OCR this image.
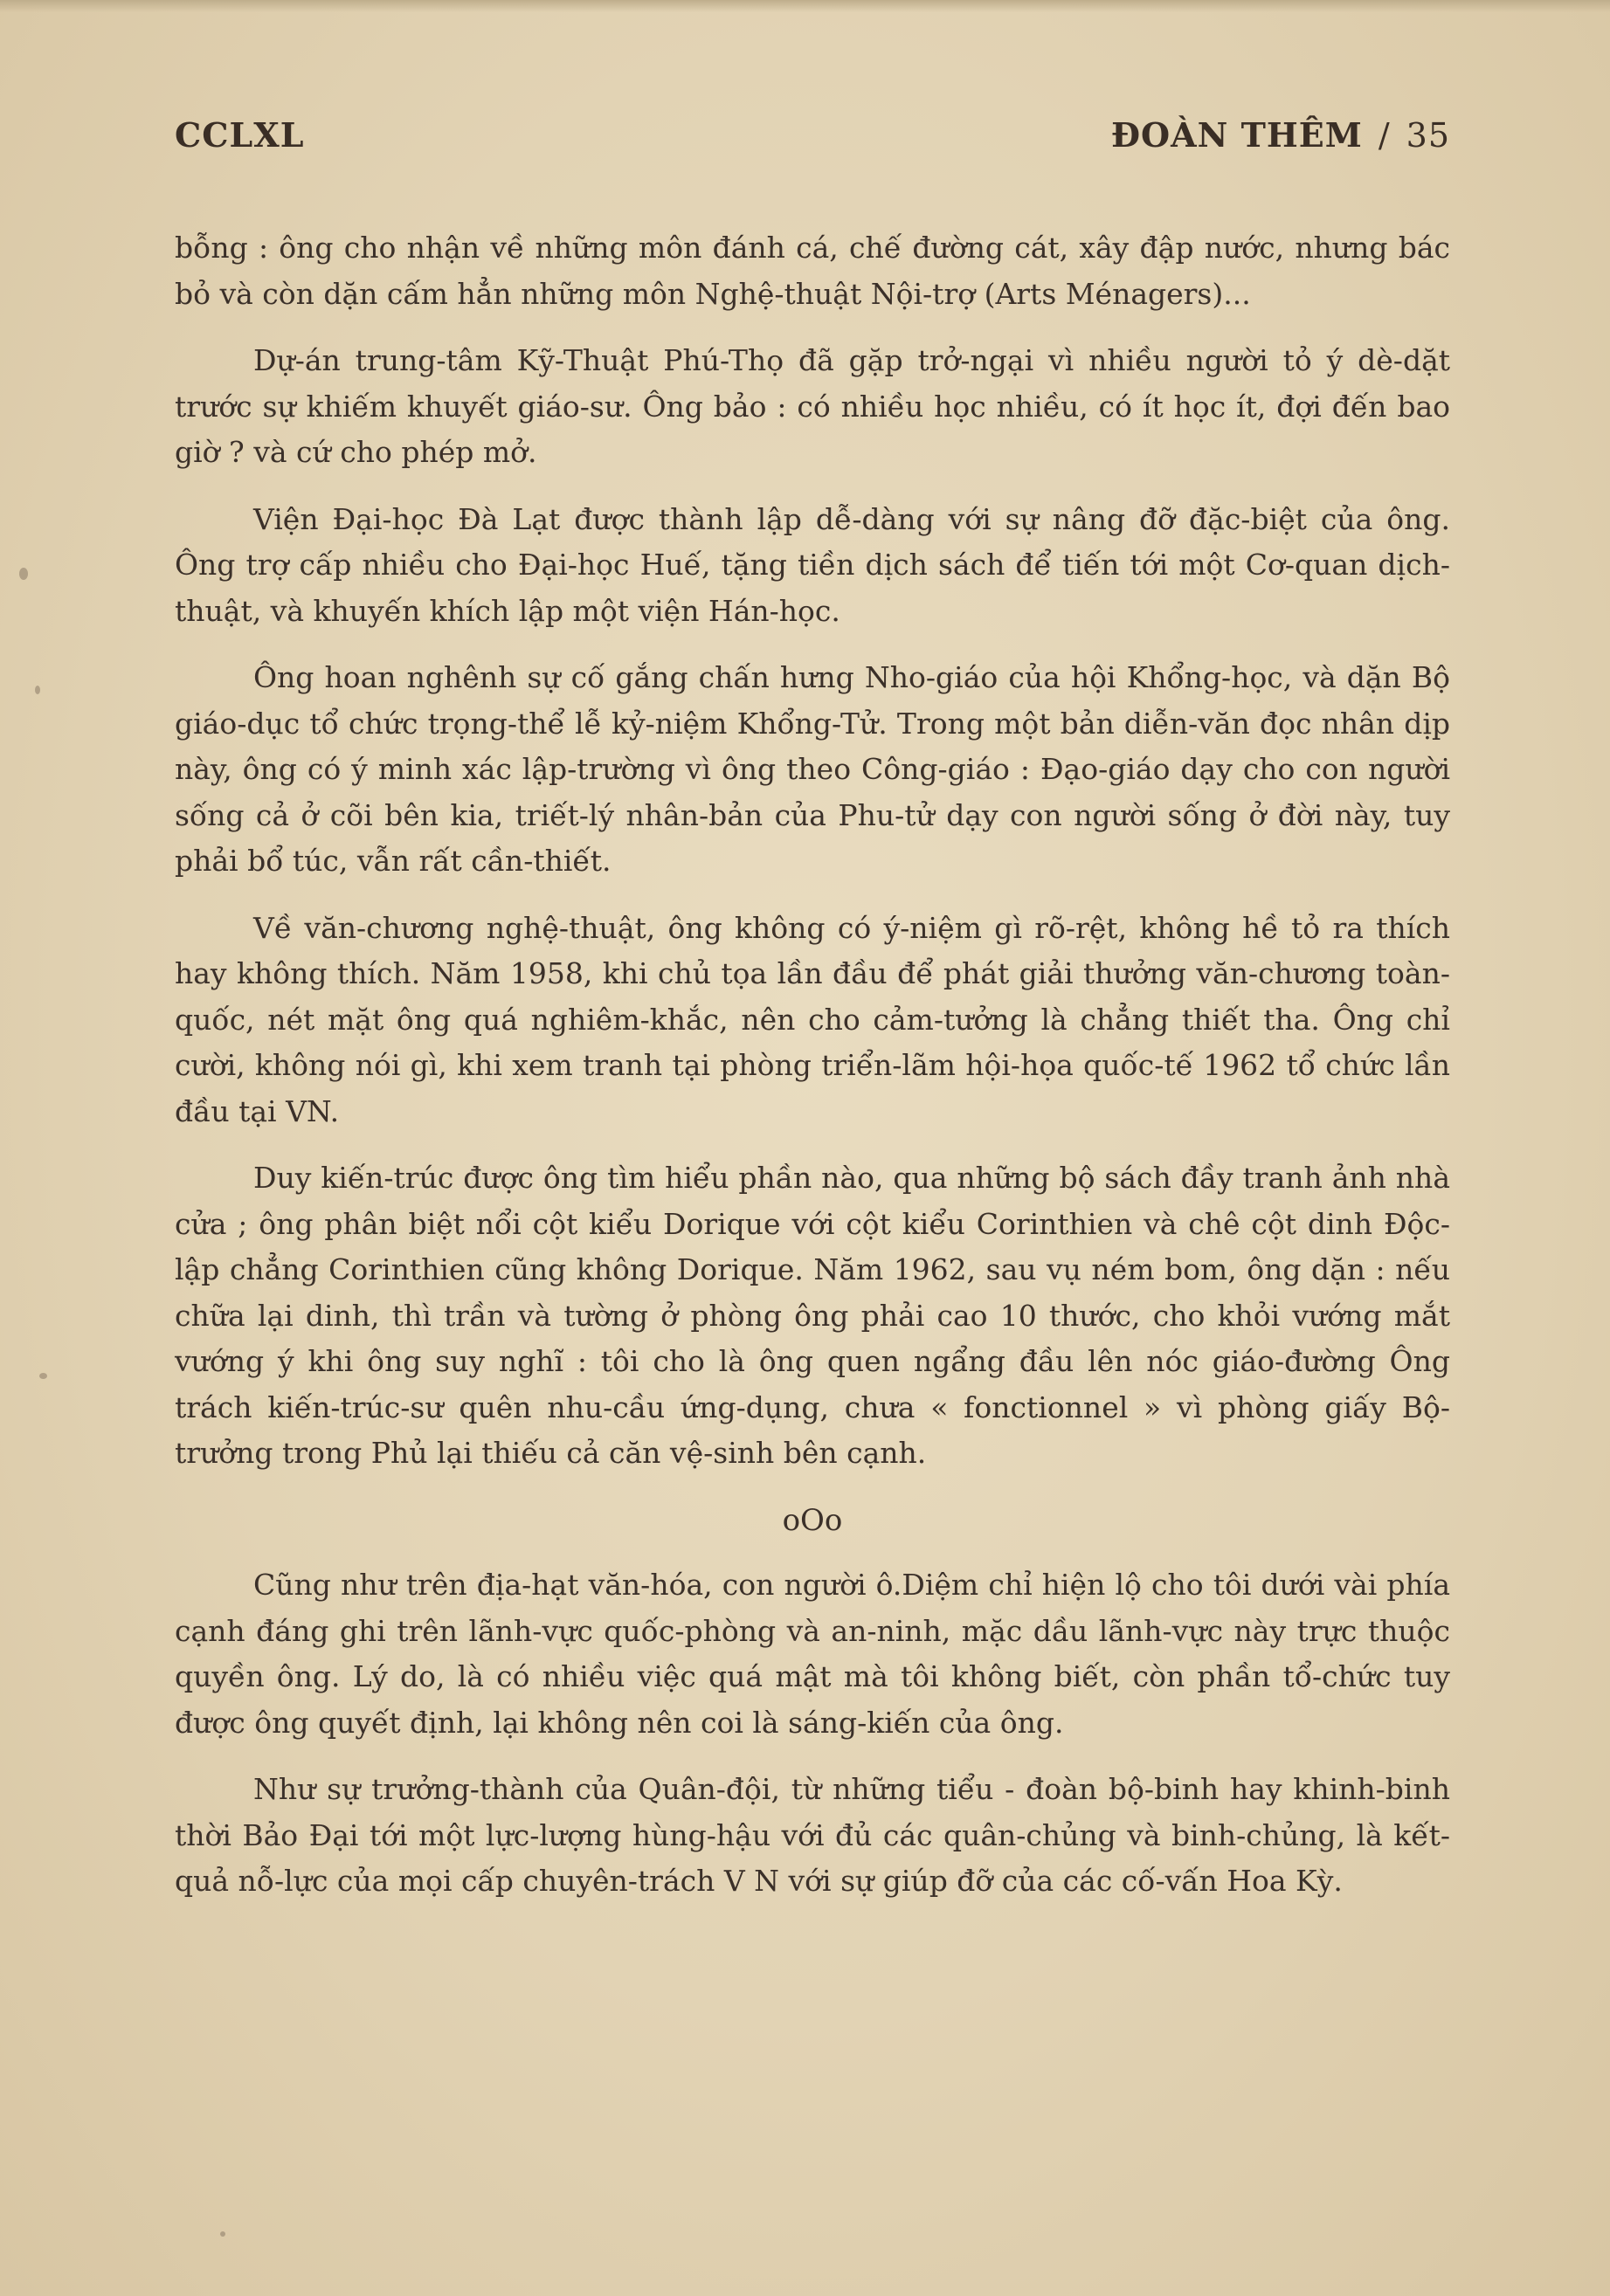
CCLXL	ĐOÀN THÊM / 35

bỗng : ông cho nhận về những môn đánh cá, chế đường cát, xây đập nước, nhưng bác bỏ và còn dặn cấm hẳn những môn Nghệ-thuật Nội-trợ (Arts Ménagers)...

Dự-án trung-tâm Kỹ-Thuật Phú-Thọ đã gặp trở-ngại vì nhiều người tỏ ý dè-dặt trước sự khiếm khuyết giáo-sư. Ông bảo : có nhiều học nhiều, có ít học ít, đợi đến bao giờ ? và cứ cho phép mở.

Viện Đại-học Đà Lạt được thành lập dễ-dàng với sự nâng đỡ đặc-biệt của ông. Ông trợ cấp nhiều cho Đại-học Huế, tặng tiền dịch sách để tiến tới một Cơ-quan dịch-thuật, và khuyến khích lập một viện Hán-học.

Ông hoan nghênh sự cố gắng chấn hưng Nho-giáo của hội Khổng-học, và dặn Bộ giáo-dục tổ chức trọng-thể lễ kỷ-niệm Khổng-Tử. Trong một bản diễn-văn đọc nhân dịp này, ông có ý minh xác lập-trường vì ông theo Công-giáo : Đạo-giáo dạy cho con người sống cả ở cõi bên kia, triết-lý nhân-bản của Phu-tử dạy con người sống ở đời này, tuy phải bổ túc, vẫn rất cần-thiết.

Về văn-chương nghệ-thuật, ông không có ý-niệm gì rõ-rệt, không hề tỏ ra thích hay không thích. Năm 1958, khi chủ tọa lần đầu để phát giải thưởng văn-chương toàn-quốc, nét mặt ông quá nghiêm-khắc, nên cho cảm-tưởng là chẳng thiết tha. Ông chỉ cười, không nói gì, khi xem tranh tại phòng triển-lãm hội-họa quốc-tế 1962 tổ chức lần đầu tại VN.

Duy kiến-trúc được ông tìm hiểu phần nào, qua những bộ sách đầy tranh ảnh nhà cửa ; ông phân biệt nổi cột kiểu Dorique với cột kiểu Corinthien và chê cột dinh Độc-lập chẳng Corinthien cũng không Dorique. Năm 1962, sau vụ ném bom, ông dặn : nếu chữa lại dinh, thì trần và tường ở phòng ông phải cao 10 thước, cho khỏi vướng mắt vướng ý khi ông suy nghĩ : tôi cho là ông quen ngẩng đầu lên nóc giáo-đường Ông trách kiến-trúc-sư quên nhu-cầu ứng-dụng, chưa « fonctionnel » vì phòng giấy Bộ-trưởng trong Phủ lại thiếu cả căn vệ-sinh bên cạnh.

oOo

Cũng như trên địa-hạt văn-hóa, con người ô.Diệm chỉ hiện lộ cho tôi dưới vài phía cạnh đáng ghi trên lãnh-vực quốc-phòng và an-ninh, mặc dầu lãnh-vực này trực thuộc quyền ông. Lý do, là có nhiều việc quá mật mà tôi không biết, còn phần tổ-chức tuy được ông quyết định, lại không nên coi là sáng-kiến của ông.

Như sự trưởng-thành của Quân-đội, từ những tiểu - đoàn bộ-binh hay khinh-binh thời Bảo Đại tới một lực-lượng hùng-hậu với đủ các quân-chủng và binh-chủng, là kết-quả nỗ-lực của mọi cấp chuyên-trách V N với sự giúp đỡ của các cố-vấn Hoa Kỳ.
